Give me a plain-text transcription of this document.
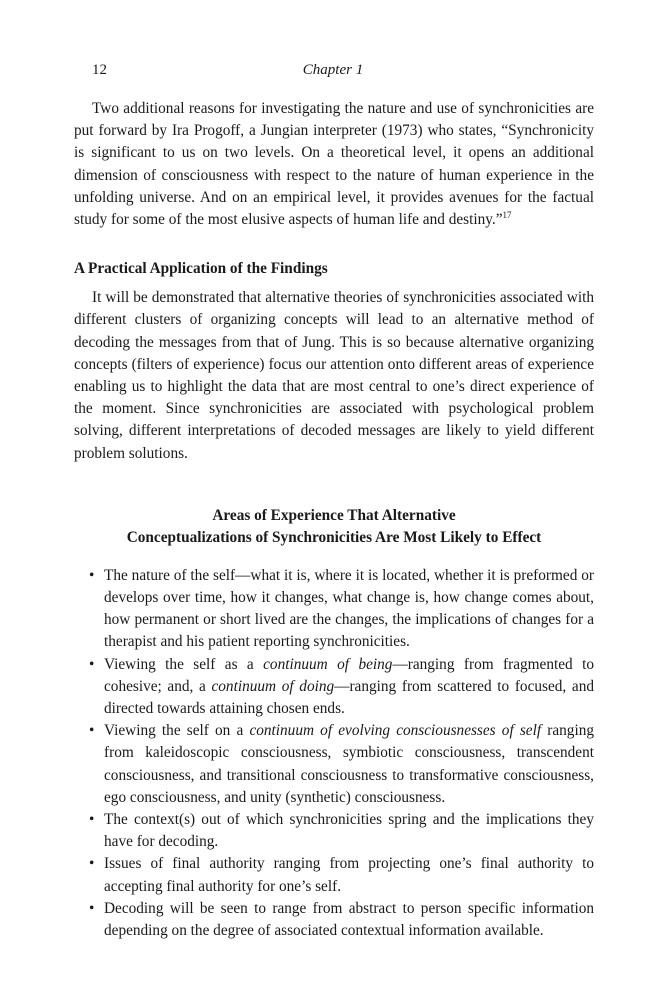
12	Chapter 1

Two additional reasons for investigating the nature and use of synchronicities are put forward by Ira Progoff, a Jungian interpreter (1973) who states, “Synchronicity is significant to us on two levels. On a theoretical level, it opens an additional dimension of consciousness with respect to the nature of human experience in the unfolding universe. And on an empirical level, it provides avenues for the factual study for some of the most elusive aspects of human life and destiny.”$^{17}$

A Practical Application of the Findings

It will be demonstrated that alternative theories of synchronicities associated with different clusters of organizing concepts will lead to an alternative method of decoding the messages from that of Jung. This is so because alternative organizing concepts (filters of experience) focus our attention onto different areas of experience enabling us to highlight the data that are most central to one’s direct experience of the moment. Since synchronicities are associated with psychological problem solving, different interpretations of decoded messages are likely to yield different problem solutions.

Areas of Experience That Alternative
Conceptualizations of Synchronicities Are Most Likely to Effect
• The nature of the self—what it is, where it is located, whether it is preformed or develops over time, how it changes, what change is, how change comes about, how permanent or short lived are the changes, the implications of changes for a therapist and his patient reporting synchronicities.
• Viewing the self as a continuum of being—ranging from fragmented to cohesive; and, a continuum of doing—ranging from scattered to focused, and directed towards attaining chosen ends.
• Viewing the self on a continuum of evolving consciousnesses of self ranging from kaleidoscopic consciousness, symbiotic consciousness, transcendent consciousness, and transitional consciousness to transformative consciousness, ego consciousness, and unity (synthetic) consciousness.
• The context(s) out of which synchronicities spring and the implications they have for decoding.
• Issues of final authority ranging from projecting one’s final authority to accepting final authority for one’s self.
• Decoding will be seen to range from abstract to person specific information depending on the degree of associated contextual information available.
